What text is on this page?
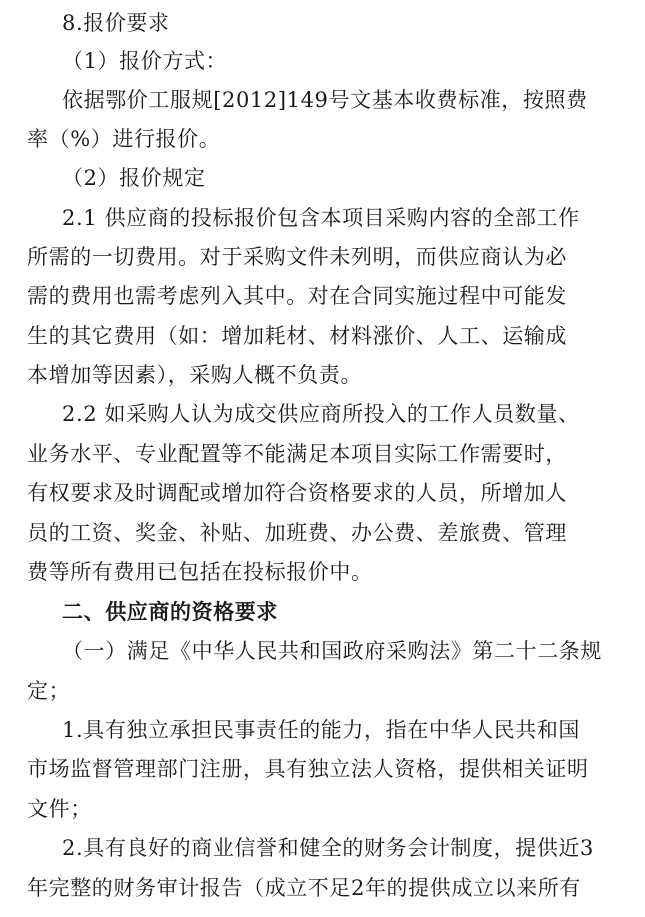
8.报价要求
（1）报价方式：
依据鄂价工服规[2012]149号文基本收费标准，按照费
率（%）进行报价。
（2）报价规定
2.1 供应商的投标报价包含本项目采购内容的全部工作
所需的一切费用。对于采购文件未列明，而供应商认为必
需的费用也需考虑列入其中。对在合同实施过程中可能发
生的其它费用（如：增加耗材、材料涨价、人工、运输成
本增加等因素），采购人概不负责。
2.2 如采购人认为成交供应商所投入的工作人员数量、
业务水平、专业配置等不能满足本项目实际工作需要时，
有权要求及时调配或增加符合资格要求的人员，所增加人
员的工资、奖金、补贴、加班费、办公费、差旅费、管理
费等所有费用已包括在投标报价中。
二、供应商的资格要求
（一）满足《中华人民共和国政府采购法》第二十二条规
定；
1.具有独立承担民事责任的能力，指在中华人民共和国
市场监督管理部门注册，具有独立法人资格，提供相关证明
文件；
2.具有良好的商业信誉和健全的财务会计制度，提供近3
年完整的财务审计报告（成立不足2年的提供成立以来所有
